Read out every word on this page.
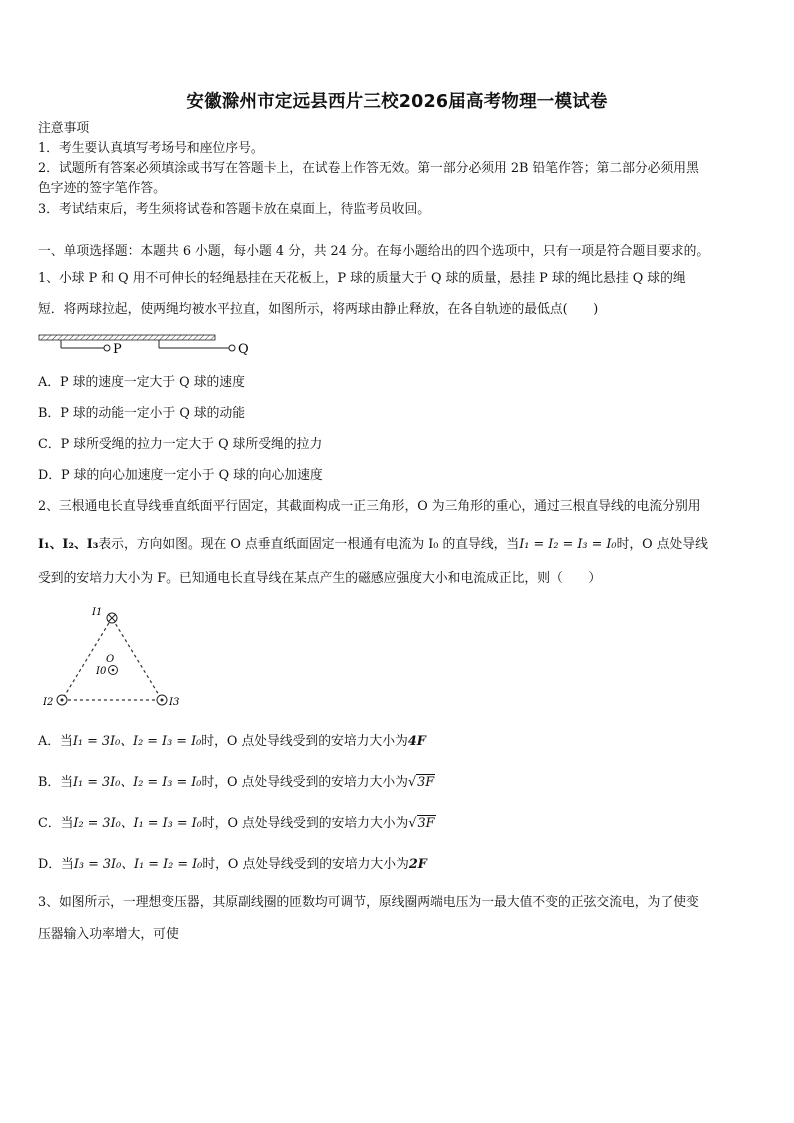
安徽滁州市定远县西片三校2026届高考物理一模试卷
注意事项
1．考生要认真填写考场号和座位序号。
2．试题所有答案必须填涂或书写在答题卡上，在试卷上作答无效。第一部分必须用 2B 铅笔作答；第二部分必须用黑
色字迹的签字笔作答。
3．考试结束后，考生须将试卷和答题卡放在桌面上，待监考员收回。
一、单项选择题：本题共 6 小题，每小题 4 分，共 24 分。在每小题给出的四个选项中，只有一项是符合题目要求的。
1、小球 P 和 Q 用不可伸长的轻绳悬挂在天花板上，P 球的质量大于 Q 球的质量，悬挂 P 球的绳比悬挂 Q 球的绳
短．将两球拉起，使两绳均被水平拉直，如图所示，将两球由静止释放，在各自轨迹的最低点(　　)
P	Q
A．P 球的速度一定大于 Q 球的速度
B．P 球的动能一定小于 Q 球的动能
C．P 球所受绳的拉力一定大于 Q 球所受绳的拉力
D．P 球的向心加速度一定小于 Q 球的向心加速度
2、三根通电长直导线垂直纸面平行固定，其截面构成一正三角形，O 为三角形的重心，通过三根直导线的电流分别用
I₁、I₂、I₃表示，方向如图。现在 O 点垂直纸面固定一根通有电流为 I₀ 的直导线，当I₁ = I₂ = I₃ = I₀时，O 点处导线
受到的安培力大小为 F。已知通电长直导线在某点产生的磁感应强度大小和电流成正比，则（　　）
I1
I2	I3
O
I0
A．当I₁ = 3I₀、I₂ = I₃ = I₀时，O 点处导线受到的安培力大小为4F
B．当I₁ = 3I₀、I₂ = I₃ = I₀时，O 点处导线受到的安培力大小为√3F
C．当I₂ = 3I₀、I₁ = I₃ = I₀时，O 点处导线受到的安培力大小为√3F
D．当I₃ = 3I₀、I₁ = I₂ = I₀时，O 点处导线受到的安培力大小为2F
3、如图所示，一理想变压器，其原副线圈的匝数均可调节，原线圈两端电压为一最大值不变的正弦交流电，为了使变
压器输入功率增大，可使
